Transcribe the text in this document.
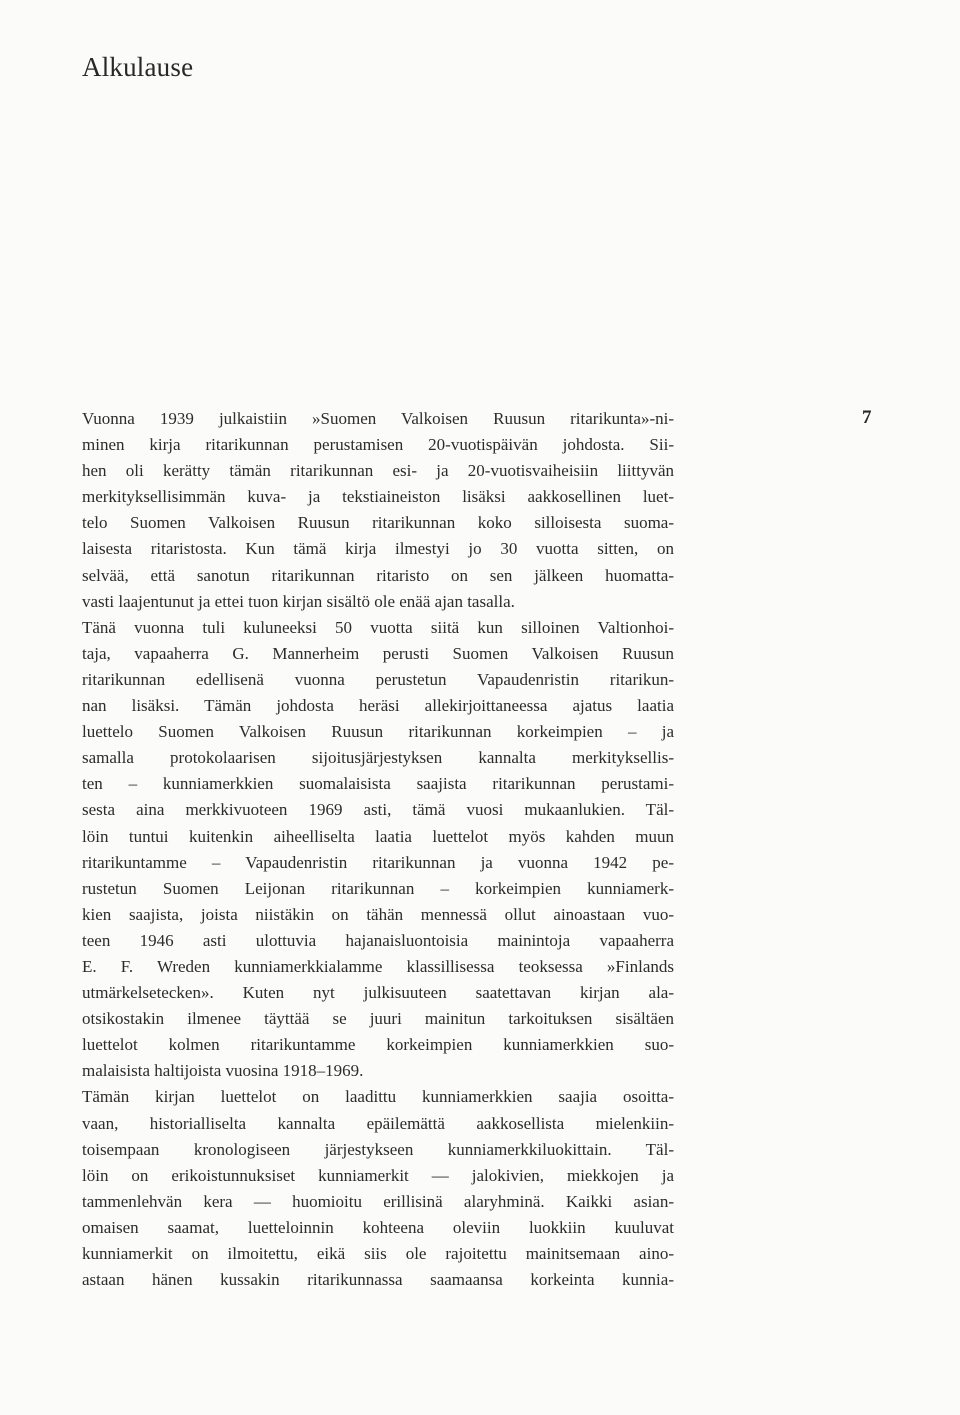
Alkulause
7
Vuonna 1939 julkaistiin »Suomen Valkoisen Ruusun ritarikunta»-ni-
minen kirja ritarikunnan perustamisen 20-vuotispäivän johdosta. Sii-
hen oli kerätty tämän ritarikunnan esi- ja 20-vuotisvaiheisiin liittyvän
merkityksellisimmän kuva- ja tekstiaineiston lisäksi aakkosellinen luet-
telo Suomen Valkoisen Ruusun ritarikunnan koko silloisesta suoma-
laisesta ritaristosta. Kun tämä kirja ilmestyi jo 30 vuotta sitten, on
selvää, että sanotun ritarikunnan ritaristo on sen jälkeen huomatta-
vasti laajentunut ja ettei tuon kirjan sisältö ole enää ajan tasalla.
Tänä vuonna tuli kuluneeksi 50 vuotta siitä kun silloinen Valtionhoi-
taja, vapaaherra G. Mannerheim perusti Suomen Valkoisen Ruusun
ritarikunnan edellisenä vuonna perustetun Vapaudenristin ritarikun-
nan lisäksi. Tämän johdosta heräsi allekirjoittaneessa ajatus laatia
luettelo Suomen Valkoisen Ruusun ritarikunnan korkeimpien – ja
samalla protokolaarisen sijoitusjärjestyksen kannalta merkityksellis-
ten – kunniamerkkien suomalaisista saajista ritarikunnan perustami-
sesta aina merkkivuoteen 1969 asti, tämä vuosi mukaanlukien. Täl-
löin tuntui kuitenkin aiheelliselta laatia luettelot myös kahden muun
ritarikuntamme – Vapaudenristin ritarikunnan ja vuonna 1942 pe-
rustetun Suomen Leijonan ritarikunnan – korkeimpien kunniamerk-
kien saajista, joista niistäkin on tähän mennessä ollut ainoastaan vuo-
teen 1946 asti ulottuvia hajanaisluontoisia mainintoja vapaaherra
E. F. Wreden kunniamerkkialamme klassillisessa teoksessa »Finlands
utmärkelsetecken». Kuten nyt julkisuuteen saatettavan kirjan ala-
otsikostakin ilmenee täyttää se juuri mainitun tarkoituksen sisältäen
luettelot kolmen ritarikuntamme korkeimpien kunniamerkkien suo-
malaisista haltijoista vuosina 1918–1969.
Tämän kirjan luettelot on laadittu kunniamerkkien saajia osoitta-
vaan, historialliselta kannalta epäilemättä aakkosellista mielenkiin-
toisempaan kronologiseen järjestykseen kunniamerkkiluokittain. Täl-
löin on erikoistunnuksiset kunniamerkit — jalokivien, miekkojen ja
tammenlehvän kera — huomioitu erillisinä alaryhminä. Kaikki asian-
omaisen saamat, luetteloinnin kohteena oleviin luokkiin kuuluvat
kunniamerkit on ilmoitettu, eikä siis ole rajoitettu mainitsemaan aino-
astaan hänen kussakin ritarikunnassa saamaansa korkeinta kunnia-
